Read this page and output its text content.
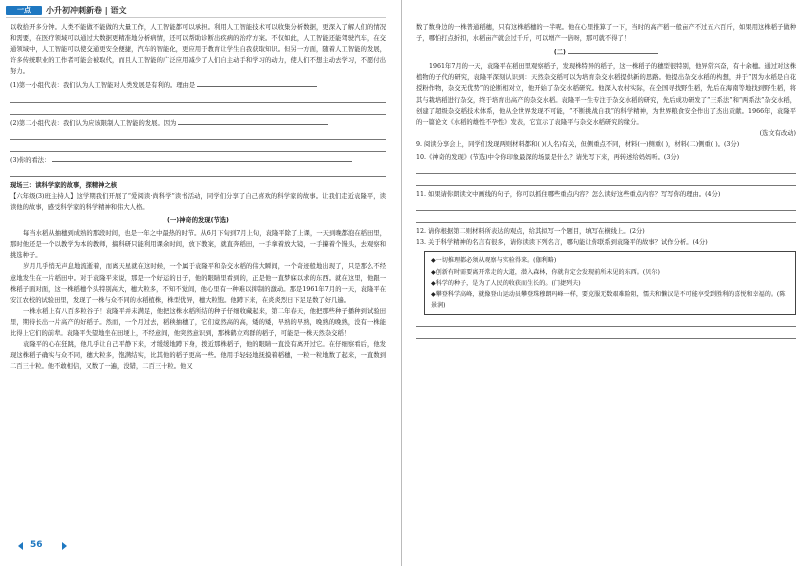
一点	小升初冲刺新卷 | 语文

以收拾开多分钟。人类不能做不能做的大量工作，人工智能都可以承担。利用人工智能技术可以收集分析数据，更深入了解人们的情况和需要，在医疗领域可以通过大数据更精准地分析病情，还可以帮助诊断出疾病的治疗方案。不仅如此，人工智能还能驾驶汽车，在交通领域中，人工智能可以使交通更安全便捷，汽车的智能化，更应用于教育让学生自我获取知识。但另一方面，随着人工智能的发展，许多传统职业的工作者可能会被取代，而且人工智能的广泛应用减少了人们自主动手和学习的动力，使人们不想主动去学习，不愿付出努力。

(1)第一小组代表：我们认为人工智能对人类发展是有利的。理由是
(2)第二小组代表：我们认为应该限制人工智能的发展。因为
(3)你的看法：

现场三：读科学家的故事，探精神之核

【六年级(3)班主持人】这学期我们开展了“爱阅读·尚科学”读书活动，同学们分享了自己喜欢的科学家的故事。让我们走近袁隆平，读读他的故事，感受科学家的科学精神和伟大人格。

(一)神奇的发现(节选)

每当水稻从抽穗到成熟的那段时间，也是一年之中最热的时节。从6月下旬到7月上旬，袁隆平除了上课，一天到晚都泡在稻田里，那时他还是一个以教学为本的教师，搞科研只能利用课余时间，放下教案，就直奔稻田，一手拿着放大镜，一手攥着个馒头，去观察和挑选种子。

岁月几乎悄无声息地流逝着，而离天星就在这时候，一个属于袁隆平和杂交水稻的伟大瞬间，一个奇迹般地出现了，只是那么不经意地发生在一片稻田中。对于袁隆平来说，那是一个好运的日子，他的眼睛里看到的，正是他一直梦寐以求的东西。就在这里，他跟一株稻子面对面，这一株稻穗个头特别高大，穗大粒多，不知不觉间，他心里有一种难以抑制的激动。那是1961年7月的一天，袁隆平在安江农校的试验田里，发现了一株与众不同的水稻植株，株型优异，穗大粒饱。他蹲下来，在炎炎烈日下足足数了好几遍。

一株水稻上有八百多粒谷子！袁隆平并未满足，他把这株水稻所结的种子仔细收藏起来，第二年春天，他把那些种子播种到试验田里，期待长出一片高产的好稻子。然而，一个月过去，稻秧抽穗了，它们竟然高的高，矮的矮，早熟的早熟，晚熟的晚熟，没有一株能比得上它们的前辈。袁隆平失望地坐在田埂上，不经意间，他突然意识到，那株鹤立鸡群的稻子，可能是一株天然杂交稻！

袁隆平的心在狂跳，他几乎让自己平静下来，才缓缓地蹲下身，拨近那株稻子，他的眼睛一直没有离开过它。在仔细察看后，他发现这株稻子确实与众不同，穗大粒多，饱满结实，比其他的稻子更高一些。他用手轻轻地抚摸着稻穗，一粒一粒地数了起来，一直数到二百三十粒。他不敢相信，又数了一遍，没错，二百三十粒。他又

数了数身边的一株普通稻穗，只有这株稻穗的一半呢。他在心里推算了一下，当时的高产稻一般亩产不过五六百斤，如果用这株稻子做种子，哪怕打点折扣，水稻亩产就会过千斤，可以增产一倍呀，那可就不得了！

(二)

1961年7月的一天，袁隆平在稻田里观察稻子，发现株特异的稻子，这一株稻子的穗型很特别，他异常兴奋，有十余穗。通过对这株植物的子代的研究，袁隆平深刻认识到：天然杂交稻可以为培育杂交水稻提供新的思路。他提出杂交水稻的构想，并于“因为水稻是自花授粉作物，杂交无优势”的论断相对立，他开始了杂交水稻研究。他深入农村实际，在全国寻找野生稻，先后在海南等地找到野生稻，将其与栽培稻进行杂交，终于培育出高产的杂交水稻。袁隆平一生专注于杂交水稻的研究，先后成功研发了“三系法”和“两系法”杂交水稻，创建了超级杂交稻技术体系，他从全世界发现不可能，“不断挑战自我”的科学精神，为世界粮食安全作出了杰出贡献。1966年，袁隆平的一篇论文《水稻的雄性不孕性》发表，它宣示了袁隆平与杂交水稻研究的缘分。

(选文有改动)

9. 阅读分享会上，同学们发现两则材料都和( )(人名)有关，但侧重点不同，材料(一)侧重( )，材料(二)侧重( )。(3分)

10.《神奇的发现》(节选)中令你印象最深的场景是什么？请先写下来，再转述给妈妈听。(3分)

11. 如果请你朗读文中画线的句子，你可以抓住哪些重点内容？怎么读好这些重点内容？写写你的理由。(4分)

12. 请你根据第二则材料所表达的观点，给其拟写一个题目，填写在横线上。(2分)

13. 关于科学精神的名言有很多，请你读读下列名言，哪句能让你联系到袁隆平的故事？试作分析。(4分)

◆一切推理都必须从观察与实验得来。(伽利略)

◆创新有时需要离开常走的大道，潜入森林，你就肯定会发现前所未见的东西。(贝尔)

◆科学的种子，是为了人民的收获而生长的。(门捷列夫)

◆攀登科学高峰，就像登山运动员攀登珠穆朗玛峰一样，要克服无数艰难险阻，懦夫和懒汉是不可能享受到胜利的喜悦和幸福的。(陈景润)

56
